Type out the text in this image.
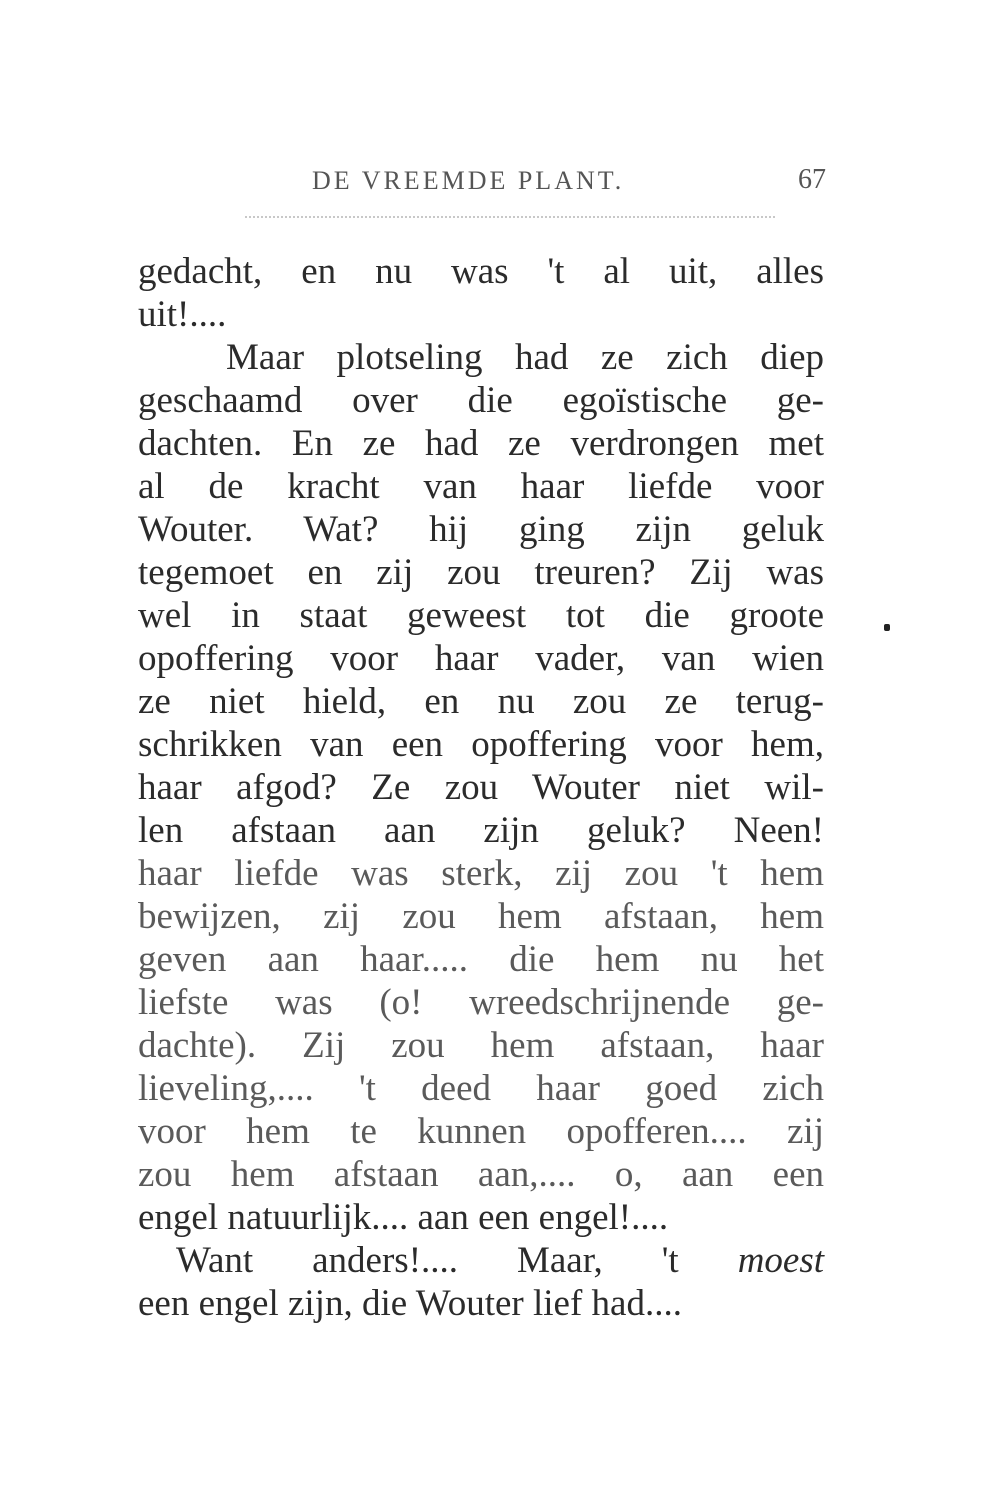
DE VREEMDE PLANT.	67
gedacht, en nu was 't al uit, alles
uit!....
Maar plotseling had ze zich diep
geschaamd over die egoïstische ge-
dachten. En ze had ze verdrongen met
al de kracht van haar liefde voor
Wouter. Wat? hij ging zijn geluk
tegemoet en zij zou treuren? Zij was
wel in staat geweest tot die groote
opoffering voor haar vader, van wien
ze niet hield, en nu zou ze terug-
schrikken van een opoffering voor hem,
haar afgod? Ze zou Wouter niet wil-
len afstaan aan zijn geluk? Neen!
haar liefde was sterk, zij zou 't hem
bewijzen, zij zou hem afstaan, hem
geven aan haar..... die hem nu het
liefste was (o! wreedschrijnende ge-
dachte). Zij zou hem afstaan, haar
lieveling,.... 't deed haar goed zich
voor hem te kunnen opofferen.... zij
zou hem afstaan aan,.... o, aan een
engel natuurlijk.... aan een engel!....
Want anders!.... Maar, 't moest
een engel zijn, die Wouter lief had....
